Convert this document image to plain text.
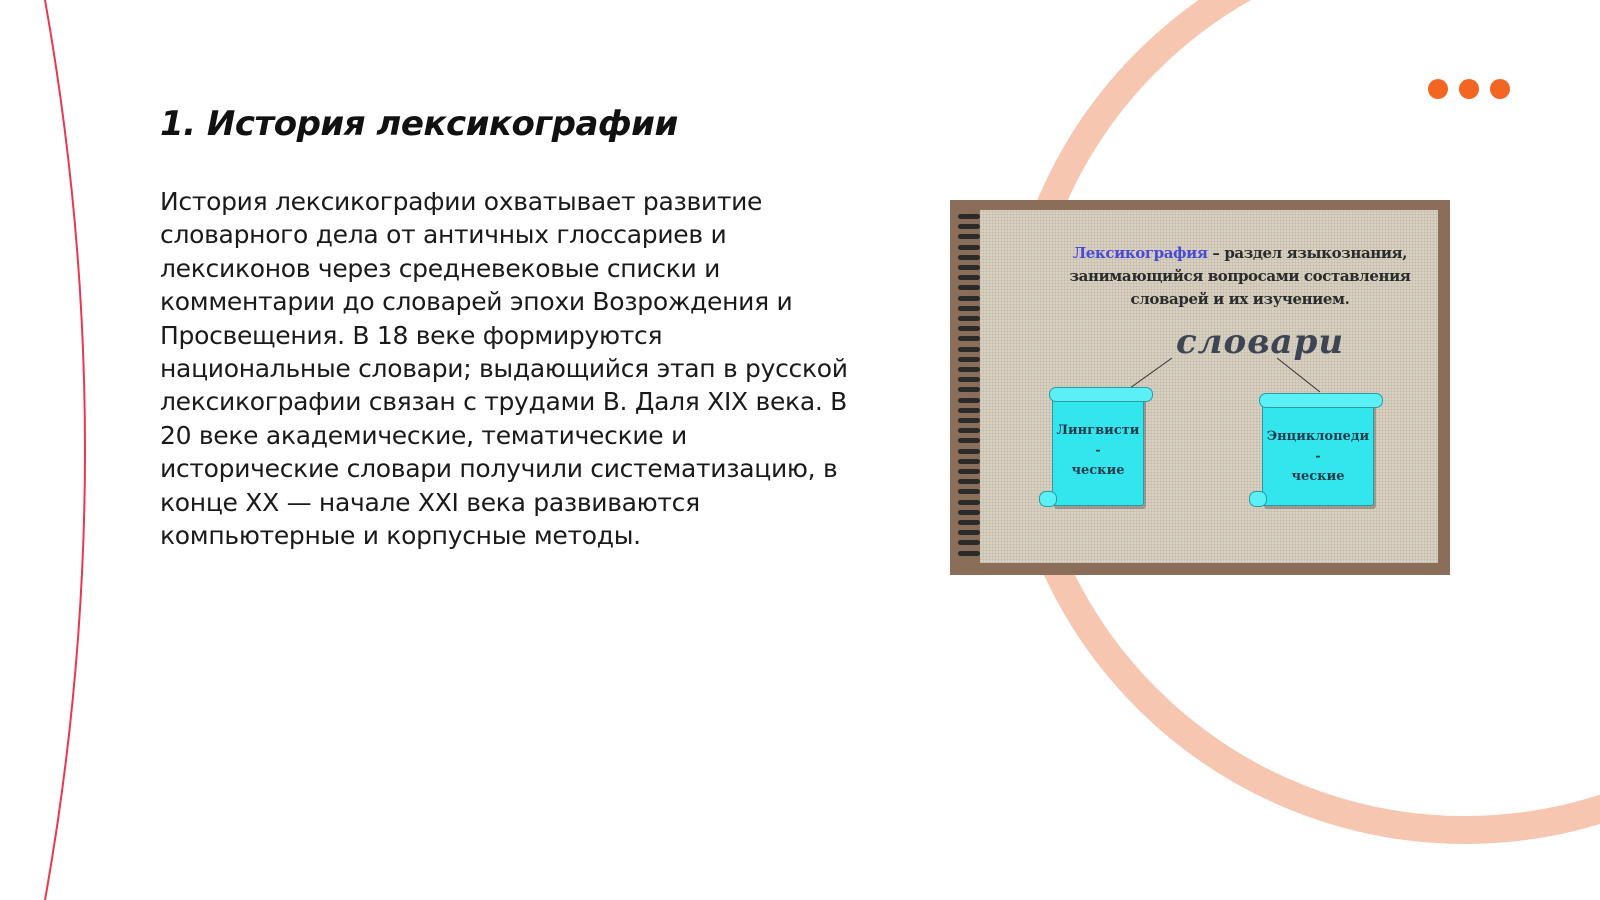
1. История лексикографии
История лексикографии охватывает развитие словарного дела от античных глоссариев и лексиконов через средневековые списки и комментарии до словарей эпохи Возрождения и Просвещения. В 18 веке формируются национальные словари; выдающийся этап в русской лексикографии связан с трудами В. Даля XIX века. В 20 веке академические, тематические и исторические словари получили систематизацию, в конце XX — начале XXI века развиваются компьютерные и корпусные методы.
Лексикография – раздел языкознания, занимающийся вопросами составления словарей и их изучением.
словари
Лингвисти
-
ческие
Энциклопеди
-
ческие
